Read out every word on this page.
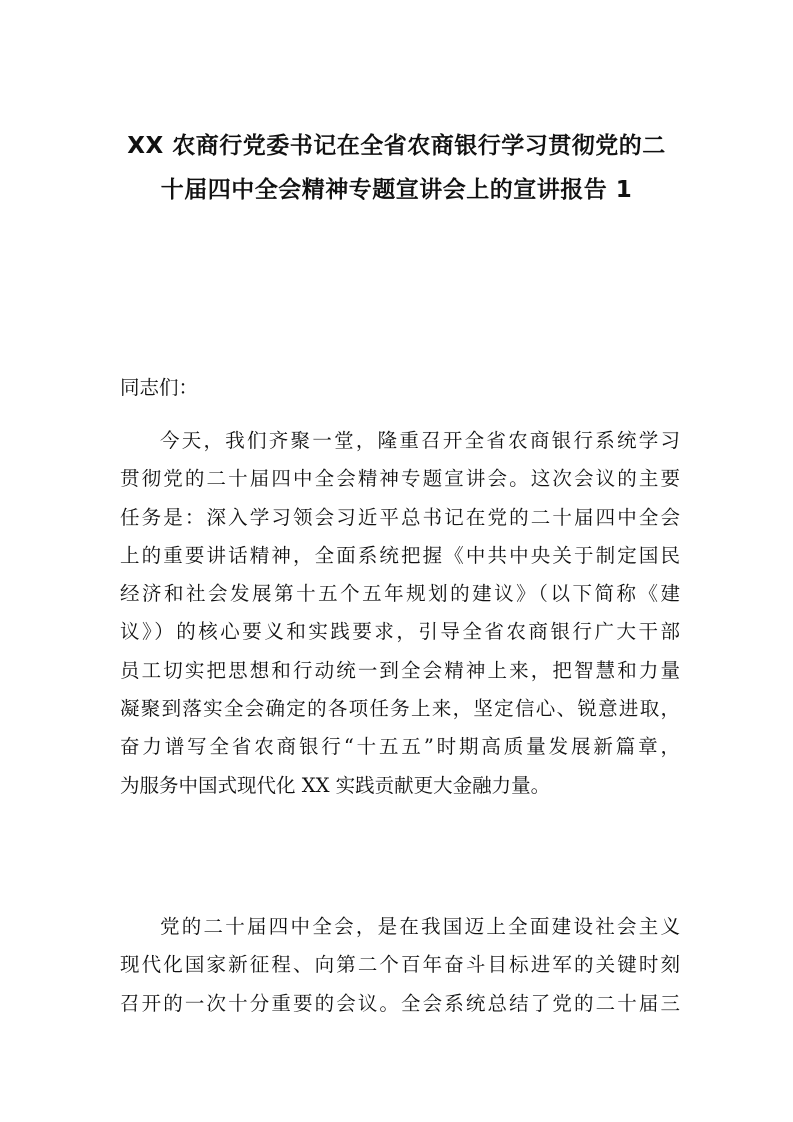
XX 农商行党委书记在全省农商银行学习贯彻党的二
十届四中全会精神专题宣讲会上的宣讲报告 1

同志们：

今天，我们齐聚一堂，隆重召开全省农商银行系统学习
贯彻党的二十届四中全会精神专题宣讲会。这次会议的主要
任务是：深入学习领会习近平总书记在党的二十届四中全会
上的重要讲话精神，全面系统把握《中共中央关于制定国民
经济和社会发展第十五个五年规划的建议》（以下简称《建
议》）的核心要义和实践要求，引导全省农商银行广大干部
员工切实把思想和行动统一到全会精神上来，把智慧和力量
凝聚到落实全会确定的各项任务上来，坚定信心、锐意进取，
奋力谱写全省农商银行“十五五”时期高质量发展新篇章，
为服务中国式现代化 XX 实践贡献更大金融力量。
党的二十届四中全会，是在我国迈上全面建设社会主义
现代化国家新征程、向第二个百年奋斗目标进军的关键时刻
召开的一次十分重要的会议。全会系统总结了党的二十届三
